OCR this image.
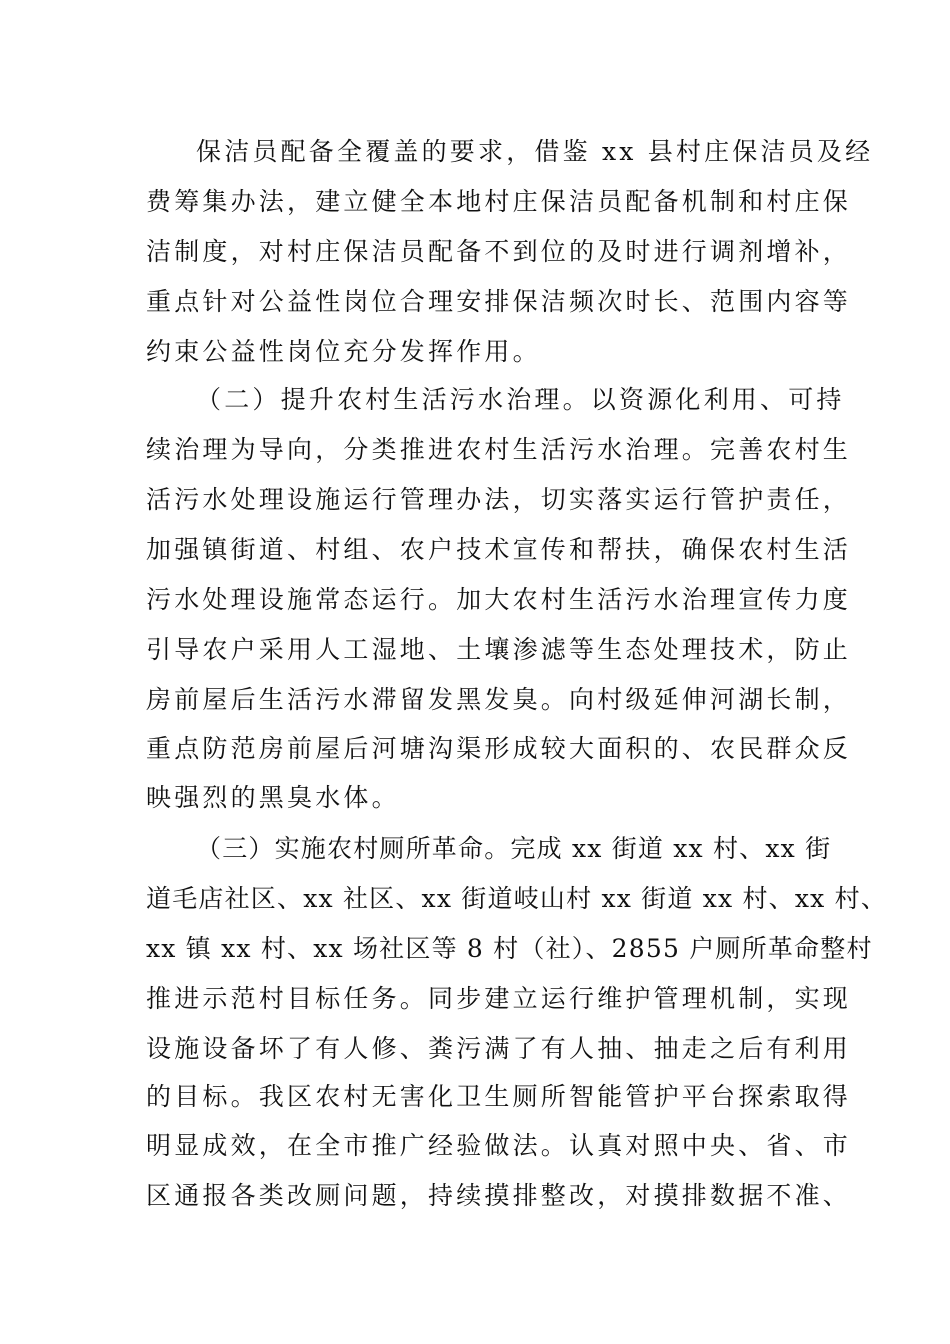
保洁员配备全覆盖的要求，借鉴 xx 县村庄保洁员及经
费筹集办法，建立健全本地村庄保洁员配备机制和村庄保
洁制度，对村庄保洁员配备不到位的及时进行调剂增补，
重点针对公益性岗位合理安排保洁频次时长、范围内容等
约束公益性岗位充分发挥作用。
（二）提升农村生活污水治理。以资源化利用、可持
续治理为导向，分类推进农村生活污水治理。完善农村生
活污水处理设施运行管理办法，切实落实运行管护责任，
加强镇街道、村组、农户技术宣传和帮扶，确保农村生活
污水处理设施常态运行。加大农村生活污水治理宣传力度
引导农户采用人工湿地、土壤渗滤等生态处理技术，防止
房前屋后生活污水滞留发黑发臭。向村级延伸河湖长制，
重点防范房前屋后河塘沟渠形成较大面积的、农民群众反
映强烈的黑臭水体。
（三）实施农村厕所革命。完成 xx 街道 xx 村、xx 街
道毛店社区、xx 社区、xx 街道岐山村 xx 街道 xx 村、xx 村、
xx 镇 xx 村、xx 场社区等 8 村（社）、2855 户厕所革命整村
推进示范村目标任务。同步建立运行维护管理机制，实现
设施设备坏了有人修、粪污满了有人抽、抽走之后有利用
的目标。我区农村无害化卫生厕所智能管护平台探索取得
明显成效，在全市推广经验做法。认真对照中央、省、市
区通报各类改厕问题，持续摸排整改，对摸排数据不准、
